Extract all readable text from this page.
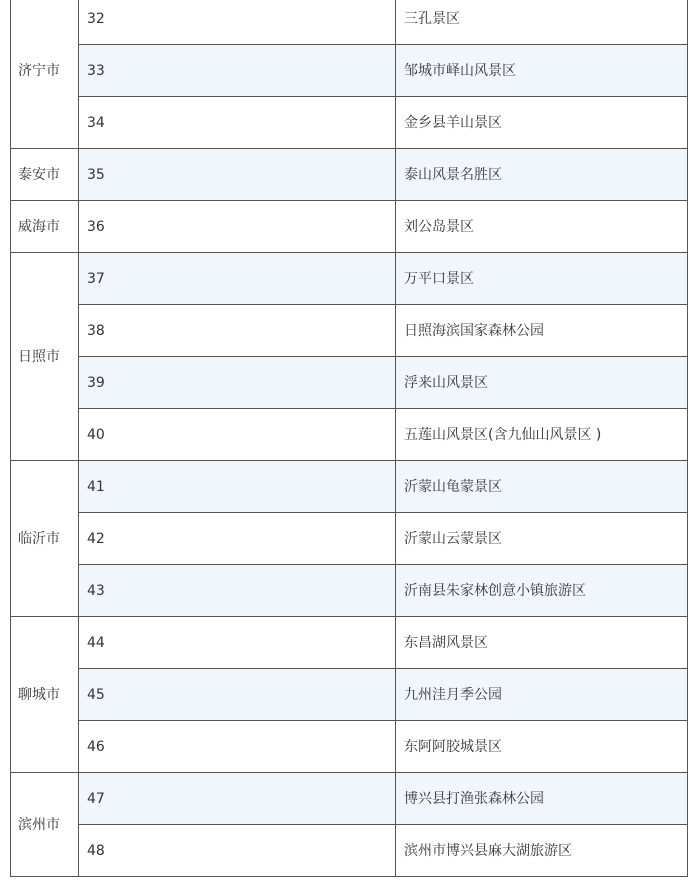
济宁市	32	三孔景区
	33	邹城市峄山风景区
	34	金乡县羊山景区
泰安市	35	泰山风景名胜区
威海市	36	刘公岛景区
日照市	37	万平口景区
	38	日照海滨国家森林公园
	39	浮来山风景区
	40	五莲山风景区(含九仙山风景区 )
临沂市	41	沂蒙山龟蒙景区
	42	沂蒙山云蒙景区
	43	沂南县朱家林创意小镇旅游区
聊城市	44	东昌湖风景区
	45	九州洼月季公园
	46	东阿阿胶城景区
滨州市	47	博兴县打渔张森林公园
	48	滨州市博兴县麻大湖旅游区
